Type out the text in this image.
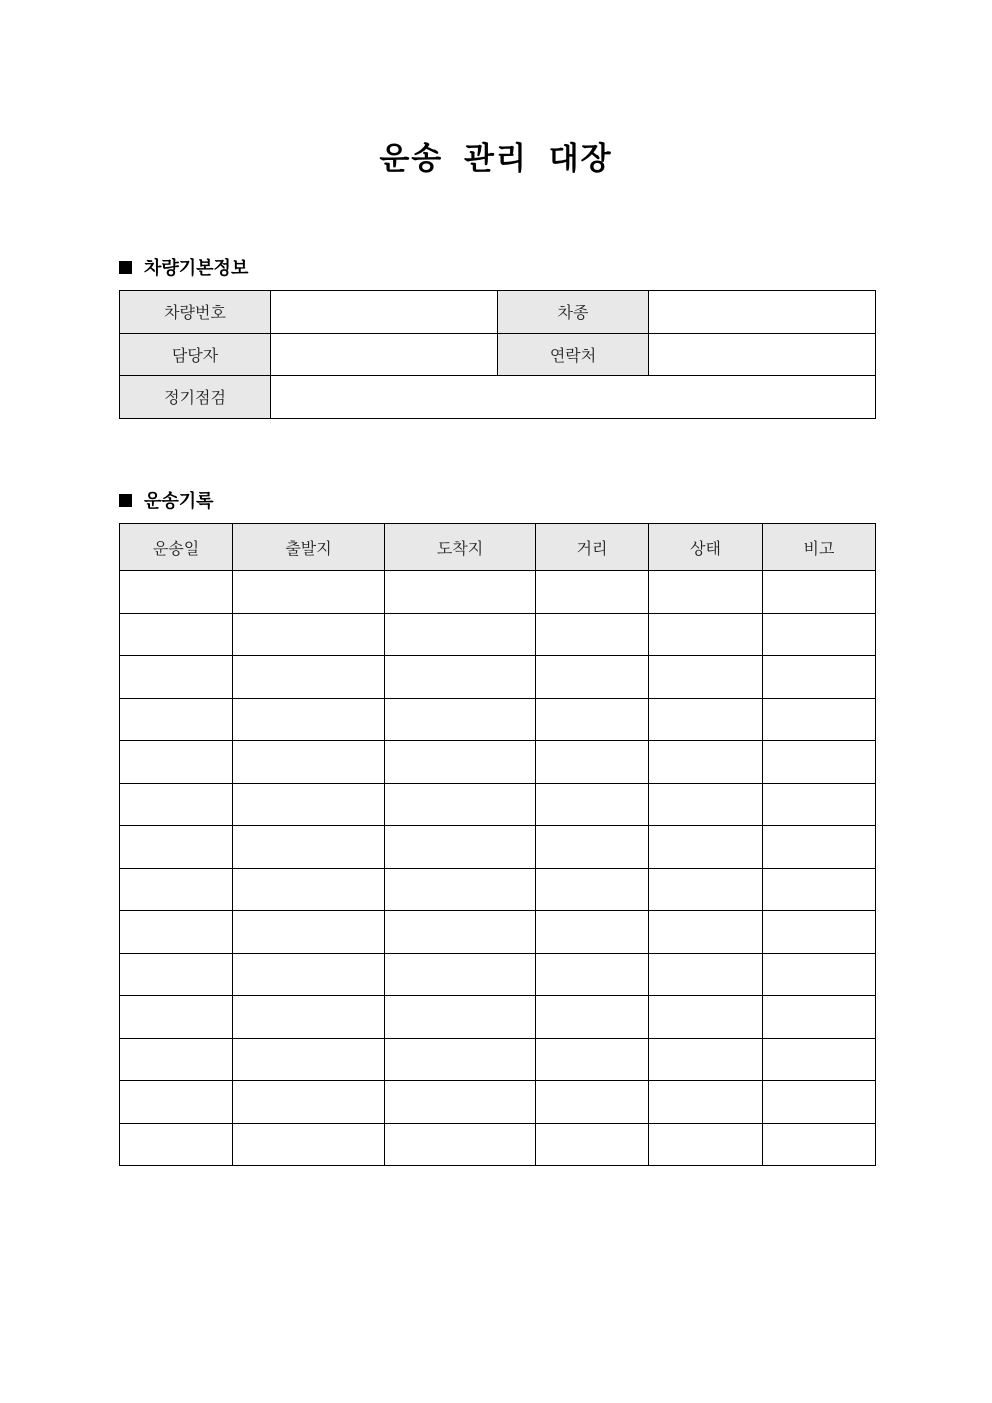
운송 관리 대장
차량기본정보
차량번호		차종	
담당자		연락처	
정기점검			
운송기록
운송일	출발지	도착지	거리	상태	비고
